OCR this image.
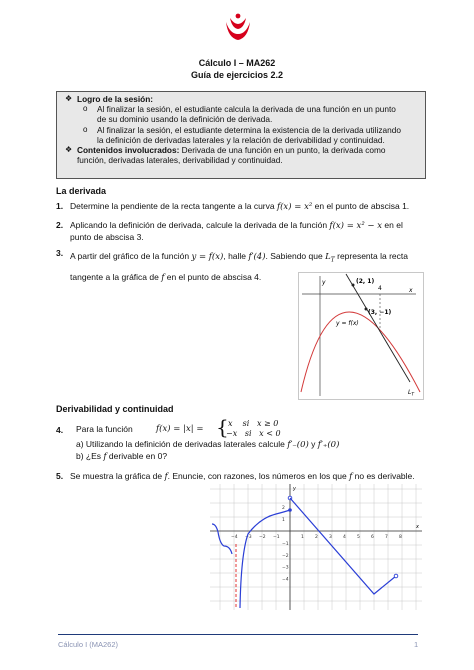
Cálculo I – MA262
Guía de ejercicios 2.2
❖ Logro de la sesión:
o Al finalizar la sesión, el estudiante calcula la derivada de una función en un punto
de su dominio usando la definición de derivada.
o Al finalizar la sesión, el estudiante determina la existencia de la derivada utilizando
la definición de derivadas laterales y la relación de derivabilidad y continuidad.
❖ Contenidos involucrados: Derivada de una función en un punto, la derivada como
función, derivadas laterales, derivabilidad y continuidad.
La derivada
1. Determine la pendiente de la recta tangente a la curva f(x) = x² en el punto de abscisa 1.
2. Aplicando la definición de derivada, calcule la derivada de la función f(x) = x² − x en el
punto de abscisa 3.
3. A partir del gráfico de la función y = f(x), halle f′(4). Sabiendo que $L_T$ representa la recta
tangente a la gráfica de f en el punto de abscisa 4.
y
x
4
(2, 1)
(3, −1)
y = f(x)
$L_T$
Derivabilidad y continuidad
4. Para la función	f(x) = |x| = { x    si   x ≥ 0
−x   si   x < 0
a) Utilizando la definición de derivadas laterales calcule f′₋(0) y f′₊(0)
b) ¿Es f derivable en 0?
5. Se muestra la gráfica de f. Enuncie, con razones, los números en los que f no es derivable.
y
x
−4 −3 −2 −1	1 2 3 4 5 6 7 8
2
1
−1
−2
−3
−4
Cálculo I (MA262)	1
